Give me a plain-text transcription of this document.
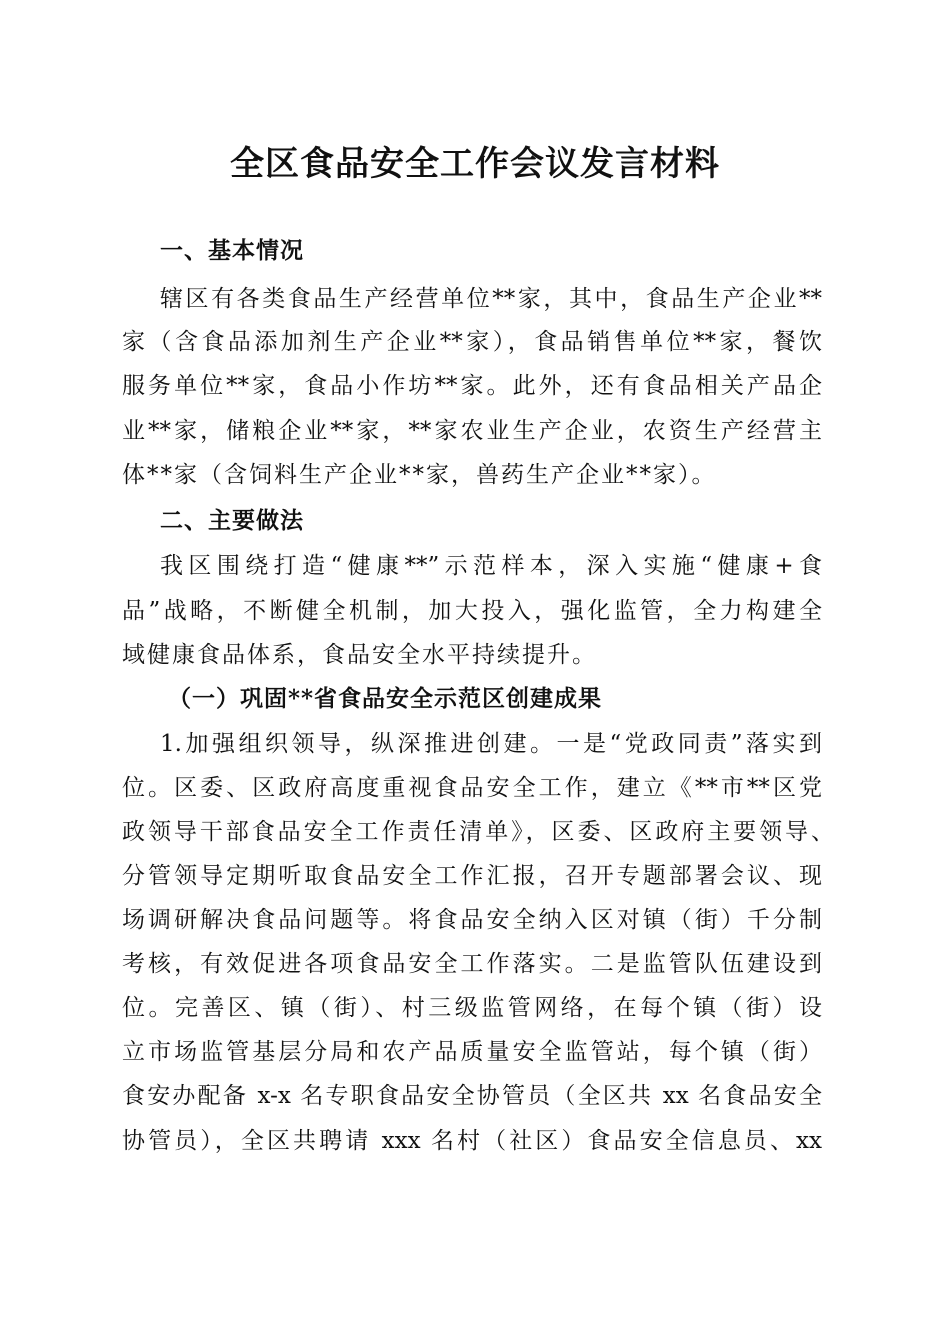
全区食品安全工作会议发言材料
一、基本情况
辖区有各类食品生产经营单位**家，其中，食品生产企业**
家（含食品添加剂生产企业**家），食品销售单位**家，餐饮
服务单位**家，食品小作坊**家。此外，还有食品相关产品企
业**家，储粮企业**家，**家农业生产企业，农资生产经营主
体**家（含饲料生产企业**家，兽药生产企业**家）。
二、主要做法
我区围绕打造“健康**”示范样本，深入实施“健康+食
品”战略，不断健全机制，加大投入，强化监管，全力构建全
域健康食品体系，食品安全水平持续提升。
（一）巩固**省食品安全示范区创建成果
1.加强组织领导，纵深推进创建。一是“党政同责”落实到
位。区委、区政府高度重视食品安全工作，建立《**市**区党
政领导干部食品安全工作责任清单》，区委、区政府主要领导、
分管领导定期听取食品安全工作汇报，召开专题部署会议、现
场调研解决食品问题等。将食品安全纳入区对镇（街）千分制
考核，有效促进各项食品安全工作落实。二是监管队伍建设到
位。完善区、镇（街）、村三级监管网络，在每个镇（街）设
立市场监管基层分局和农产品质量安全监管站，每个镇（街）
食安办配备 x-x 名专职食品安全协管员（全区共 xx 名食品安全
协管员），全区共聘请 xxx 名村（社区）食品安全信息员、xx
